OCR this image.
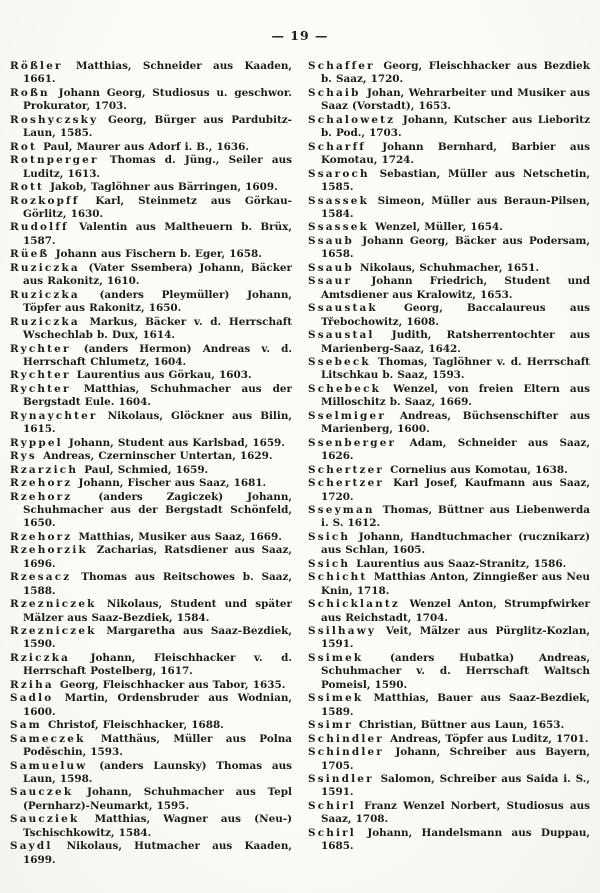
— 19 —

Rößler Matthias, Schneider aus Kaaden, 1661.

Roßn Johann Georg, Studiosus u. geschwor. Prokurator, 1703.

Roshyczsky Georg, Bürger aus Pardubitz-Laun, 1585.

Rot Paul, Maurer aus Adorf i. B., 1636.

Rotnperger Thomas d. Jüng., Seiler aus Luditz, 1613.

Rott Jakob, Taglöhner aus Bärringen, 1609.

Rozkopff Karl, Steinmetz aus Görkau-Görlitz, 1630.

Rudolff Valentin aus Maltheuern b. Brüx, 1587.

Rüeß Johann aus Fischern b. Eger, 1658.

Ruziczka (Vater Ssembera) Johann, Bäcker aus Rakonitz, 1610.

Ruziczka (anders Pleymüller) Johann, Töpfer aus Rakonitz, 1650.

Ruziczka Markus, Bäcker v. d. Herrschaft Wschechlab b. Dux, 1614.

Rychter (anders Hermon) Andreas v. d. Herrschaft Chlumetz, 1604.

Rychter Laurentius aus Görkau, 1603.

Rychter Matthias, Schuhmacher aus der Bergstadt Eule. 1604.

Rynaychter Nikolaus, Glöckner aus Bilin, 1615.

Ryppel Johann, Student aus Karlsbad, 1659.

Rys Andreas, Czerninscher Untertan, 1629.

Rzarzich Paul, Schmied, 1659.

Rzehorz Johann, Fischer aus Saaz, 1681.

Rzehorz (anders Zagiczek) Johann, Schuhmacher aus der Bergstadt Schönfeld, 1650.

Rzehorz Matthias, Musiker aus Saaz, 1669.

Rzehorzik Zacharias, Ratsdiener aus Saaz, 1696.

Rzesacz Thomas aus Reitschowes b. Saaz, 1588.

Rzezniczek Nikolaus, Student und später Mälzer aus Saaz-Bezdiek, 1584.

Rzezniczek Margaretha aus Saaz-Bezdiek, 1590.

Rziczka Johann, Fleischhacker v. d. Herrschaft Postelberg, 1617.

Rziha Georg, Fleischhacker aus Tabor, 1635.

Sadlo Martin, Ordensbruder aus Wodnian, 1600.

Sam Christof, Fleischhacker, 1688.

Sameczek Matthäus, Müller aus Polna Poděschin, 1593.

Samueluw (anders Launsky) Thomas aus Laun, 1598.

Sauczek Johann, Schuhmacher aus Tepl (Pernharz)-Neumarkt, 1595.

Saucziek Matthias, Wagner aus (Neu-) Tschischkowitz, 1584.

Saydl Nikolaus, Hutmacher aus Kaaden, 1699.

Schaffer Georg, Fleischhacker aus Bezdiek b. Saaz, 1720.

Schaib Johan, Wehrarbeiter und Musiker aus Saaz (Vorstadt), 1653.

Schalowetz Johann, Kutscher aus Lieboritz b. Pod., 1703.

Scharff Johann Bernhard, Barbier aus Komotau, 1724.

Ssaroch Sebastian, Müller aus Netschetin, 1585.

Ssassek Simeon, Müller aus Beraun-Pilsen, 1584.

Ssassek Wenzel, Müller, 1654.

Ssaub Johann Georg, Bäcker aus Podersam, 1658.

Ssaub Nikolaus, Schuhmacher, 1651.

Ssaur Johann Friedrich, Student und Amtsdiener aus Kralowitz, 1653.

Ssaustak Georg, Baccalaureus aus Třebochowitz, 1608.

Ssaustal Judith, Ratsherrentochter aus Marienberg-Saaz, 1642.

Ssebeck Thomas, Taglöhner v. d. Herrschaft Litschkau b. Saaz, 1593.

Schebeck Wenzel, von freien Eltern aus Milloschitz b. Saaz, 1669.

Sselmiger Andreas, Büchsenschifter aus Marienberg, 1600.

Ssenberger Adam, Schneider aus Saaz, 1626.

Schertzer Cornelius aus Komotau, 1638.

Schertzer Karl Josef, Kaufmann aus Saaz, 1720.

Sseyman Thomas, Büttner aus Liebenwerda i. S. 1612.

Ssich Johann, Handtuchmacher (rucznikarz) aus Schlan, 1605.

Ssich Laurentius aus Saaz-Stranitz, 1586.

Schicht Matthias Anton, Zinngießer aus Neu Knin, 1718.

Schicklantz Wenzel Anton, Strumpfwirker aus Reichstadt, 1704.

Ssilhawy Veit, Mälzer aus Pürglitz-Kozlan, 1591.

Ssimek (anders Hubatka) Andreas, Schuhmacher v. d. Herrschaft Waltsch Pomeisl, 1590.

Ssimek Matthias, Bauer aus Saaz-Bezdiek, 1589.

Ssimr Christian, Büttner aus Laun, 1653.

Schindler Andreas, Töpfer aus Luditz, 1701.

Schindler Johann, Schreiber aus Bayern, 1705.

Ssindler Salomon, Schreiber aus Saida i. S., 1591.

Schirl Franz Wenzel Norbert, Studiosus aus Saaz, 1708.

Schirl Johann, Handelsmann aus Duppau, 1685.
